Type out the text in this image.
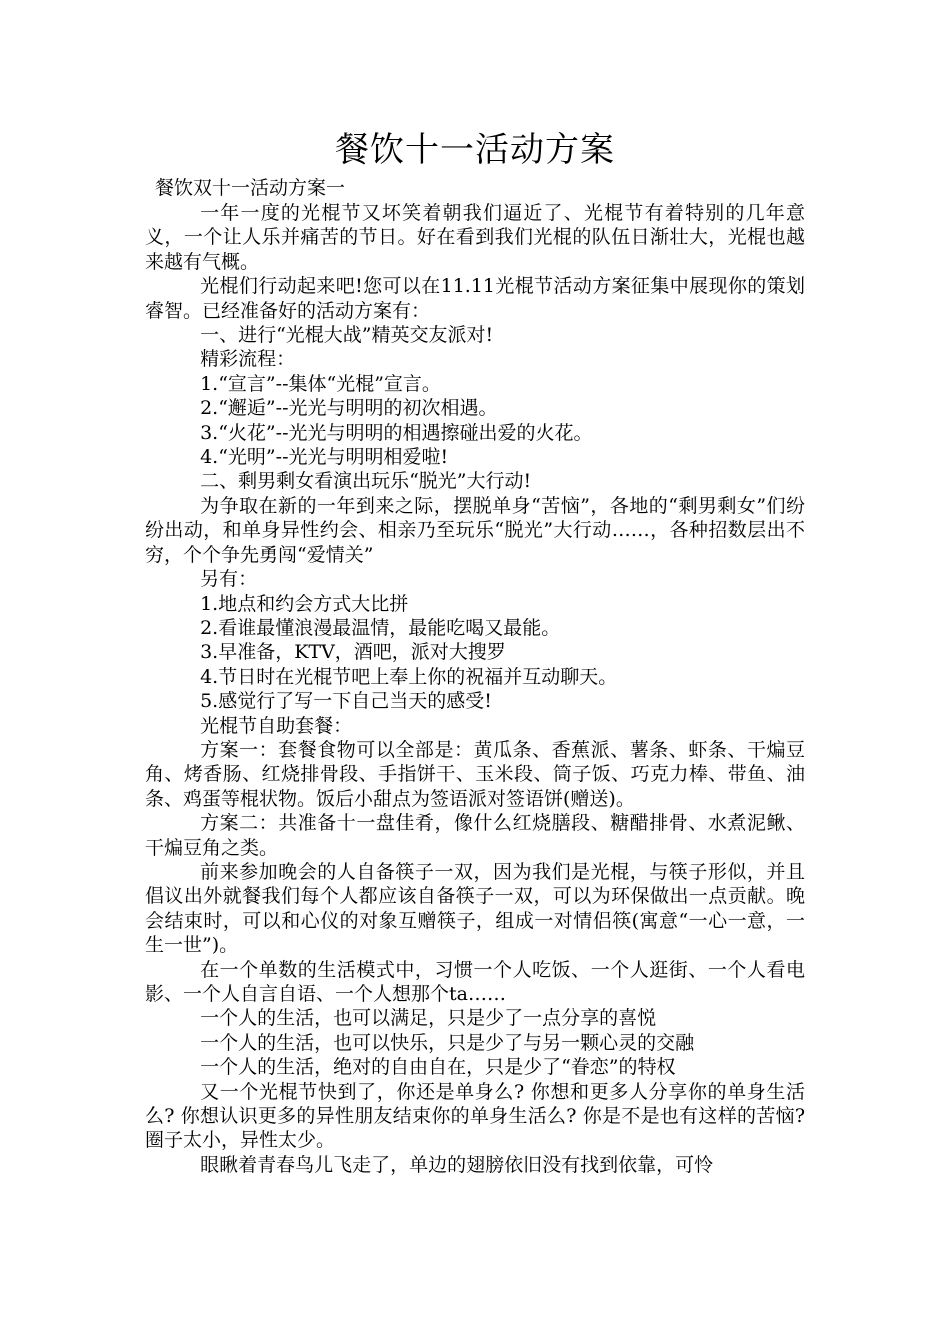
餐饮十一活动方案
餐饮双十一活动方案一

一年一度的光棍节又坏笑着朝我们逼近了、光棍节有着特别的几年意义，一个让人乐并痛苦的节日。好在看到我们光棍的队伍日渐壮大，光棍也越来越有气概。

光棍们行动起来吧!您可以在11.11光棍节活动方案征集中展现你的策划睿智。已经准备好的活动方案有：

一、进行“光棍大战”精英交友派对!

精彩流程：

1.“宣言”--集体“光棍”宣言。

2.“邂逅”--光光与明明的初次相遇。

3.“火花”--光光与明明的相遇擦碰出爱的火花。

4.“光明”--光光与明明相爱啦!

二、剩男剩女看演出玩乐“脱光”大行动!

为争取在新的一年到来之际，摆脱单身“苦恼”，各地的“剩男剩女”们纷纷出动，和单身异性约会、相亲乃至玩乐“脱光”大行动……，各种招数层出不穷，个个争先勇闯“爱情关”

另有：

1.地点和约会方式大比拼

2.看谁最懂浪漫最温情，最能吃喝又最能。

3.早准备，KTV，酒吧，派对大搜罗

4.节日时在光棍节吧上奉上你的祝福并互动聊天。

5.感觉行了写一下自己当天的感受!

光棍节自助套餐：

方案一：套餐食物可以全部是：黄瓜条、香蕉派、薯条、虾条、干煸豆角、烤香肠、红烧排骨段、手指饼干、玉米段、筒子饭、巧克力棒、带鱼、油条、鸡蛋等棍状物。饭后小甜点为签语派对签语饼(赠送)。

方案二：共准备十一盘佳肴，像什么红烧膳段、糖醋排骨、水煮泥鳅、干煸豆角之类。

前来参加晚会的人自备筷子一双，因为我们是光棍，与筷子形似，并且倡议出外就餐我们每个人都应该自备筷子一双，可以为环保做出一点贡献。晚会结束时，可以和心仪的对象互赠筷子，组成一对情侣筷(寓意“一心一意，一生一世”)。

在一个单数的生活模式中，习惯一个人吃饭、一个人逛街、一个人看电影、一个人自言自语、一个人想那个ta……

一个人的生活，也可以满足，只是少了一点分享的喜悦

一个人的生活，也可以快乐，只是少了与另一颗心灵的交融

一个人的生活，绝对的自由自在，只是少了“眷恋”的特权

又一个光棍节快到了，你还是单身么? 你想和更多人分享你的单身生活么? 你想认识更多的异性朋友结束你的单身生活么? 你是不是也有这样的苦恼?圈子太小，异性太少。

眼瞅着青春鸟儿飞走了，单边的翅膀依旧没有找到依靠，可怜
